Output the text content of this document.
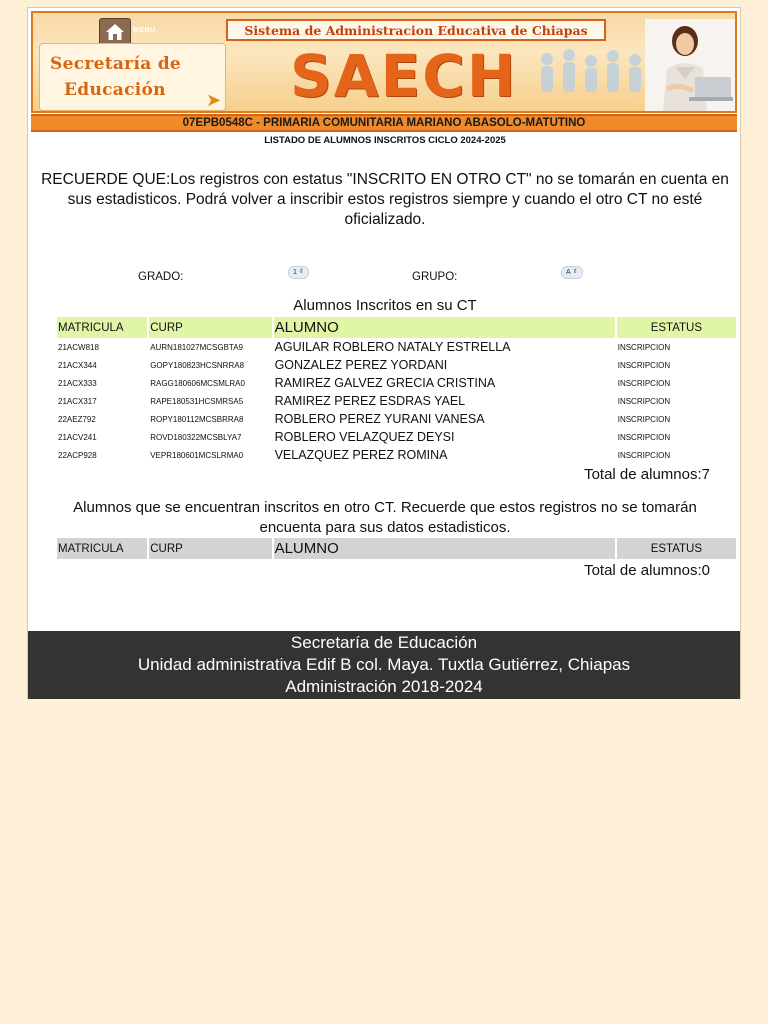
MENU
Secretaría de
Educación ➤
Sistema de Administracion Educativa de Chiapas
SAECH
07EPB0548C - PRIMARIA COMUNITARIA MARIANO ABASOLO-MATUTINO
LISTADO DE ALUMNOS INSCRITOS CICLO 2024-2025
RECUERDE QUE:Los registros con estatus "INSCRITO EN OTRO CT" no se tomarán en cuenta en sus estadisticos. Podrá volver a inscribir estos registros siempre y cuando el otro CT no esté oficializado.
GRADO:	1 ⇕	GRUPO:	A ⇕
Alumnos Inscritos en su CT
MATRICULA	CURP	ALUMNO	ESTATUS
21ACW818	AURN181027MCSGBTA9	AGUILAR ROBLERO NATALY ESTRELLA	INSCRIPCION
21ACX344	GOPY180823HCSNRRA8	GONZALEZ PEREZ YORDANI	INSCRIPCION
21ACX333	RAGG180606MCSMLRA0	RAMIREZ GALVEZ GRECIA CRISTINA	INSCRIPCION
21ACX317	RAPE180531HCSMRSA5	RAMIREZ PEREZ ESDRAS YAEL	INSCRIPCION
22AEZ792	ROPY180112MCSBRRA8	ROBLERO PEREZ YURANI VANESA	INSCRIPCION
21ACV241	ROVD180322MCSBLYA7	ROBLERO VELAZQUEZ DEYSI	INSCRIPCION
22ACP928	VEPR180601MCSLRMA0	VELAZQUEZ PEREZ ROMINA	INSCRIPCION
Total de alumnos:7
Alumnos que se encuentran inscritos en otro CT. Recuerde que estos registros no se tomarán encuenta para sus datos estadisticos.
MATRICULA	CURP	ALUMNO	ESTATUS
Total de alumnos:0
Secretaría de Educación
Unidad administrativa Edif B col. Maya. Tuxtla Gutiérrez, Chiapas
Administración 2018-2024
